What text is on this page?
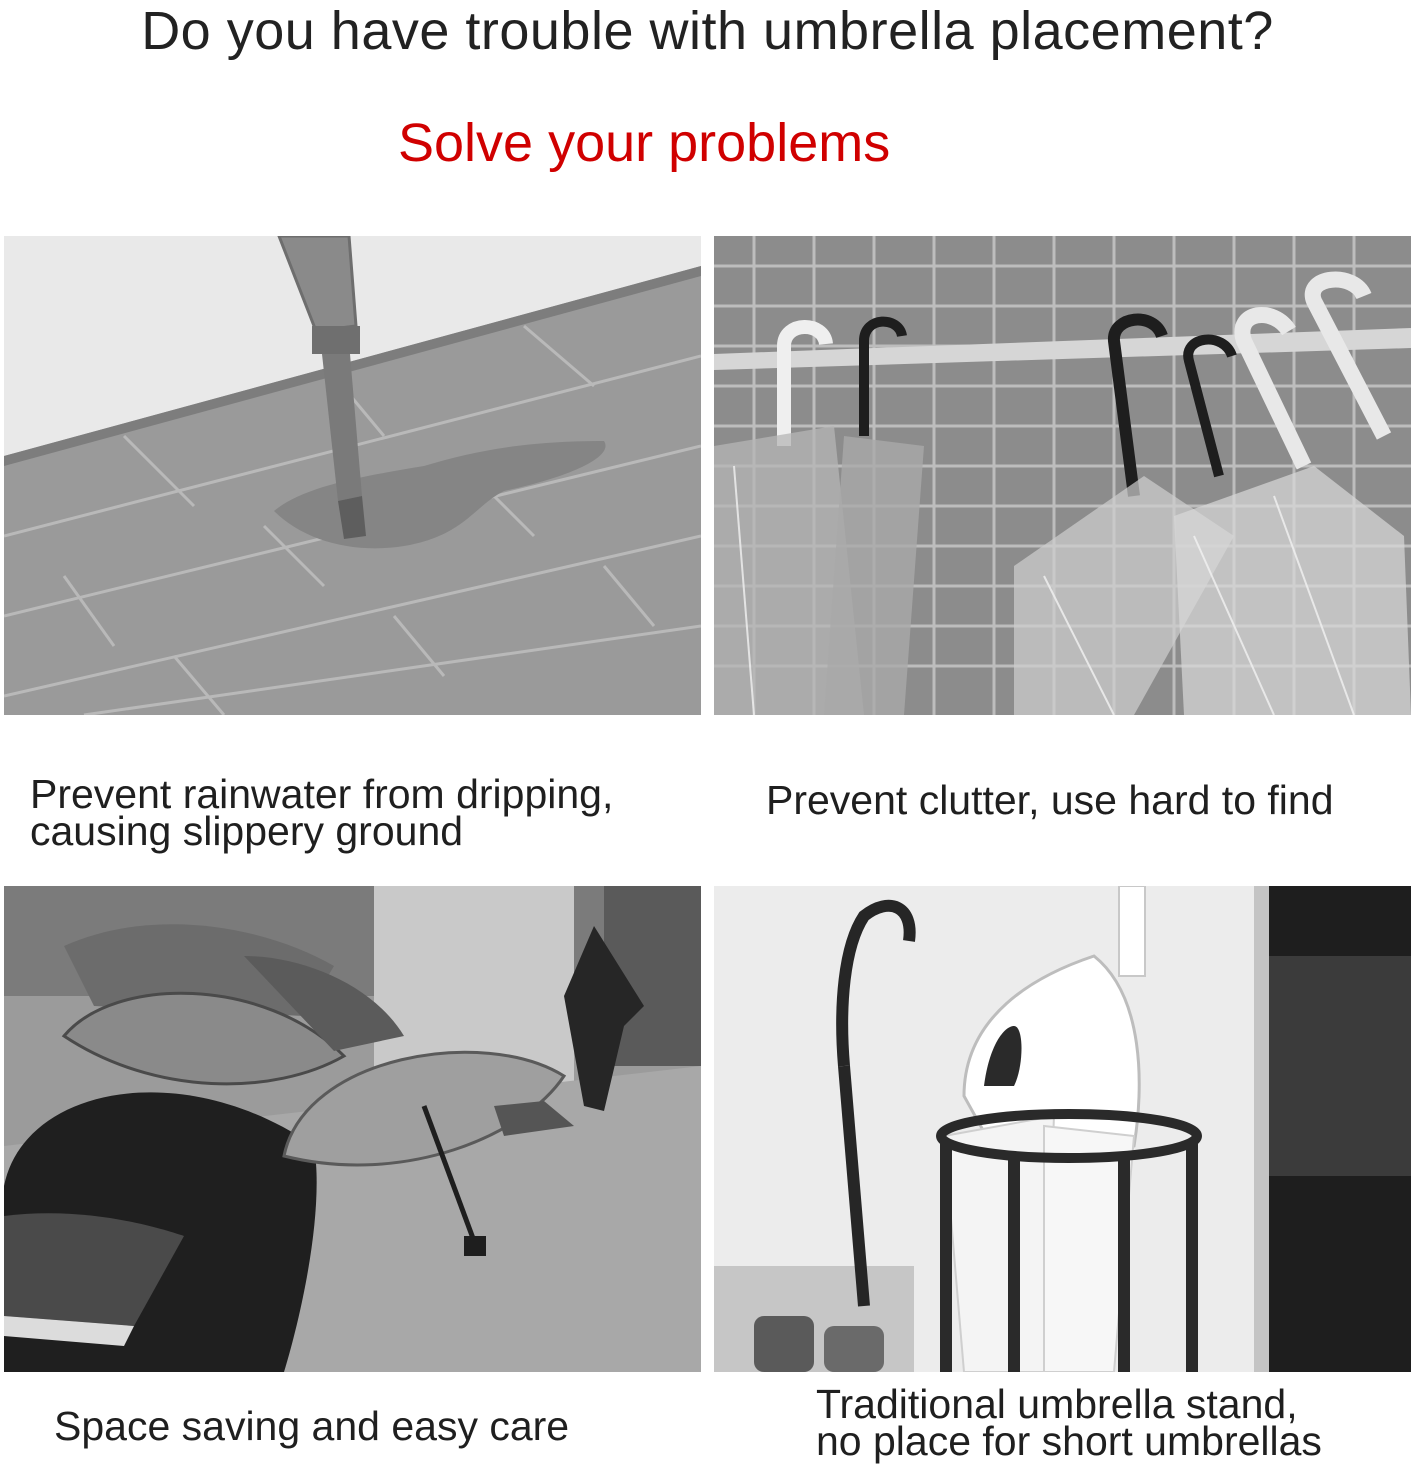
Do you have trouble with umbrella placement?
Solve your problems
Prevent rainwater from dripping,
causing slippery ground
Prevent clutter, use hard to find
Space saving and easy care	Traditional umbrella stand,
no place for short umbrellas
